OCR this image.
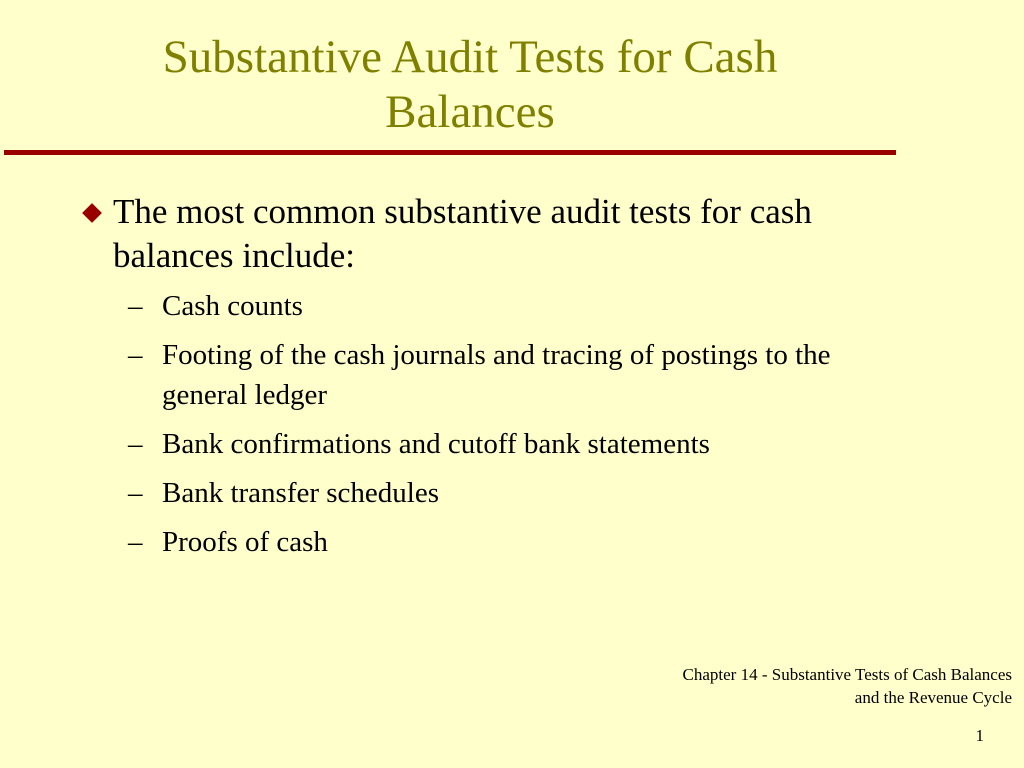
Substantive Audit Tests for Cash
Balances
The most common substantive audit tests for cash balances include:
– Cash counts
– Footing of the cash journals and tracing of postings to the general ledger
– Bank confirmations and cutoff bank statements
– Bank transfer schedules
– Proofs of cash
Chapter 14 - Substantive Tests of Cash Balances
and the Revenue Cycle
1
